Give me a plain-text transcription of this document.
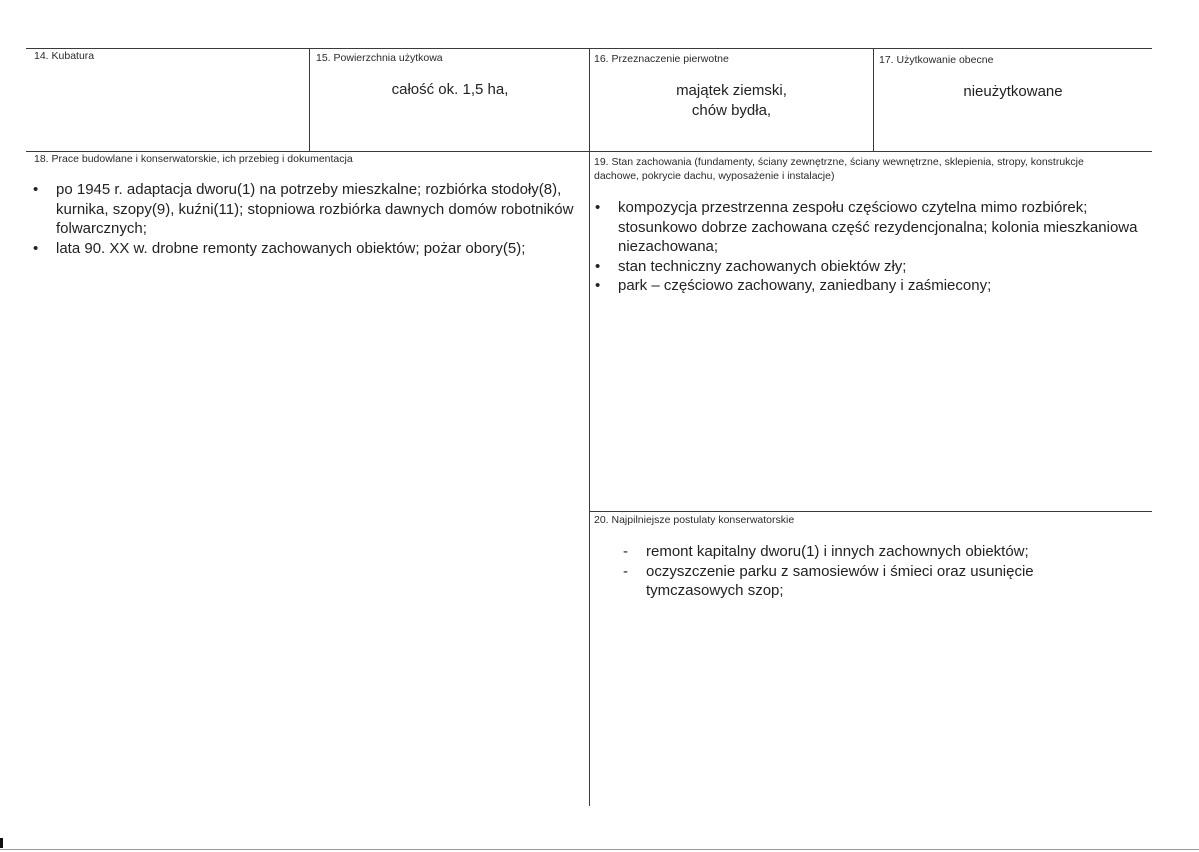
14. Kubatura	15. Powierzchnia użytkowa
całość ok. 1,5 ha,
16. Przeznaczenie pierwotne
majątek ziemski,
chów bydła,
17. Użytkowanie obecne
nieużytkowane
18. Prace budowlane i konserwatorskie, ich przebieg i dokumentacja
• po 1945 r. adaptacja dworu(1) na potrzeby mieszkalne; rozbiórka stodoły(8), kurnika, szopy(9), kuźni(11); stopniowa rozbiórka dawnych domów robotników folwarcznych;
• lata 90. XX w. drobne remonty zachowanych obiektów; pożar obory(5);
19. Stan zachowania (fundamenty, ściany zewnętrzne, ściany wewnętrzne, sklepienia, stropy, konstrukcje dachowe, pokrycie dachu, wyposażenie i instalacje)
• kompozycja przestrzenna zespołu częściowo czytelna mimo rozbiórek; stosunkowo dobrze zachowana część rezydencjonalna; kolonia mieszkaniowa niezachowana;
• stan techniczny zachowanych obiektów zły;
• park – częściowo zachowany, zaniedbany i zaśmiecony;
20. Najpilniejsze postulaty konserwatorskie
- remont kapitalny dworu(1) i innych zachownych obiektów;
- oczyszczenie parku z samosiewów i śmieci oraz usunięcie tymczasowych szop;
